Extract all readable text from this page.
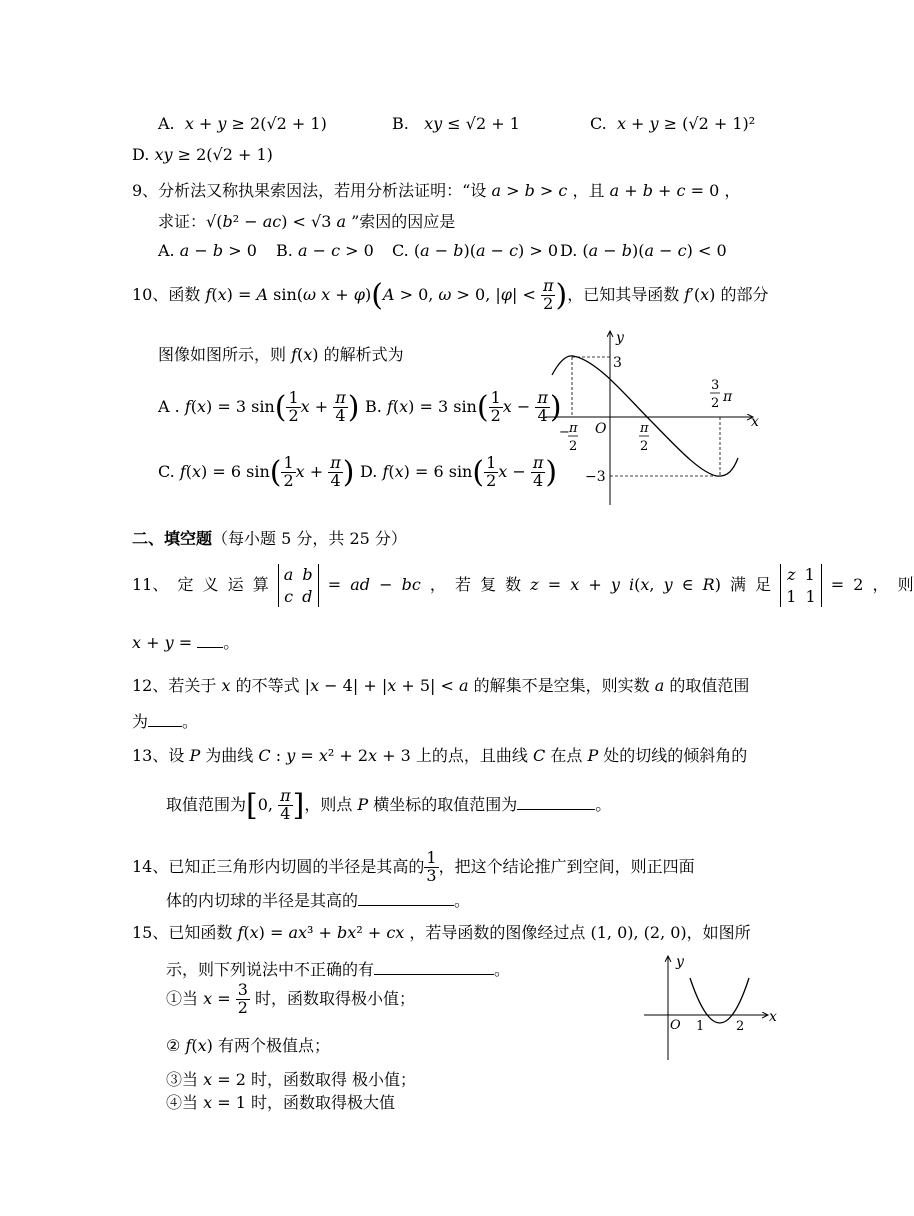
A.  x + y ≥ 2(√2 + 1)	B.   xy ≤ √2 + 1	C.  x + y ≥ (√2 + 1)²
D. xy ≥ 2(√2 + 1)
9、分析法又称执果索因法，若用分析法证明：“设 a > b > c ，且 a + b + c = 0 ，
求证：√(b² − ac) < √3 a ”索因的因应是
A. a − b > 0 B. a − c > 0 C. (a − b)(a − c) > 0 D. (a − b)(a − c) < 0
10、函数 f(x) = A sin(ω x + φ)(A > 0, ω > 0, $|\varphi| < \frac{\pi}{2}$ )，已知其导函数 f′(x) 的部分
图像如图所示，则 f(x) 的解析式为
A . f(x) = 3 $\sin( \frac{1}{2}$ $x + \frac{\pi}{4}$ ) B. f(x) = 3 $\sin( \frac{1}{2}$ $x - \frac{\pi}{4}$ )
C. f(x) = 6 $\sin( \frac{1}{2}$ $x + \frac{\pi}{4}$ ) D. f(x) = 6 $\sin( \frac{1}{2}$ $x - \frac{\pi}{4}$ )
y
x
O
3
−3
− π
2
π
2
3
2 π
二、填空题（每小题 5 分，共 25 分）
11、 定 义 运 算
a b
c d
= ad − bc ， 若 复 数 z = x + y i(x, y ∈ R) 满 足
z 1
1 1
= 2 ， 则
x + y = 。
12、若关于 x 的不等式 |x − 4| + |x + 5| < a 的解集不是空集，则实数 a 的取值范围
为 。
13、设 P 为曲线 C : y = x² + 2x + 3 上的点，且曲线 C 在点 P 处的切线的倾斜角的
取值范围为[0, $\frac{\pi}{4}$ ]，则点 P 横坐标的取值范围为	。
14、已知正三角形内切圆的半径是其高的 $\frac{1}{3}$ ，把这个结论推广到空间，则正四面
体的内切球的半径是其高的	。
15、已知函数 f(x) = ax³ + bx² + cx ，若导函数的图像经过点 (1, 0), (2, 0)，如图所
示，则下列说法中不正确的有	。
①当 $x = \frac{3}{2}$ 时，函数取得极小值；
② f(x) 有两个极值点；
③当 x = 2 时，函数取得 极小值；
④当 x = 1 时，函数取得极大值
y
x
O 1 2
